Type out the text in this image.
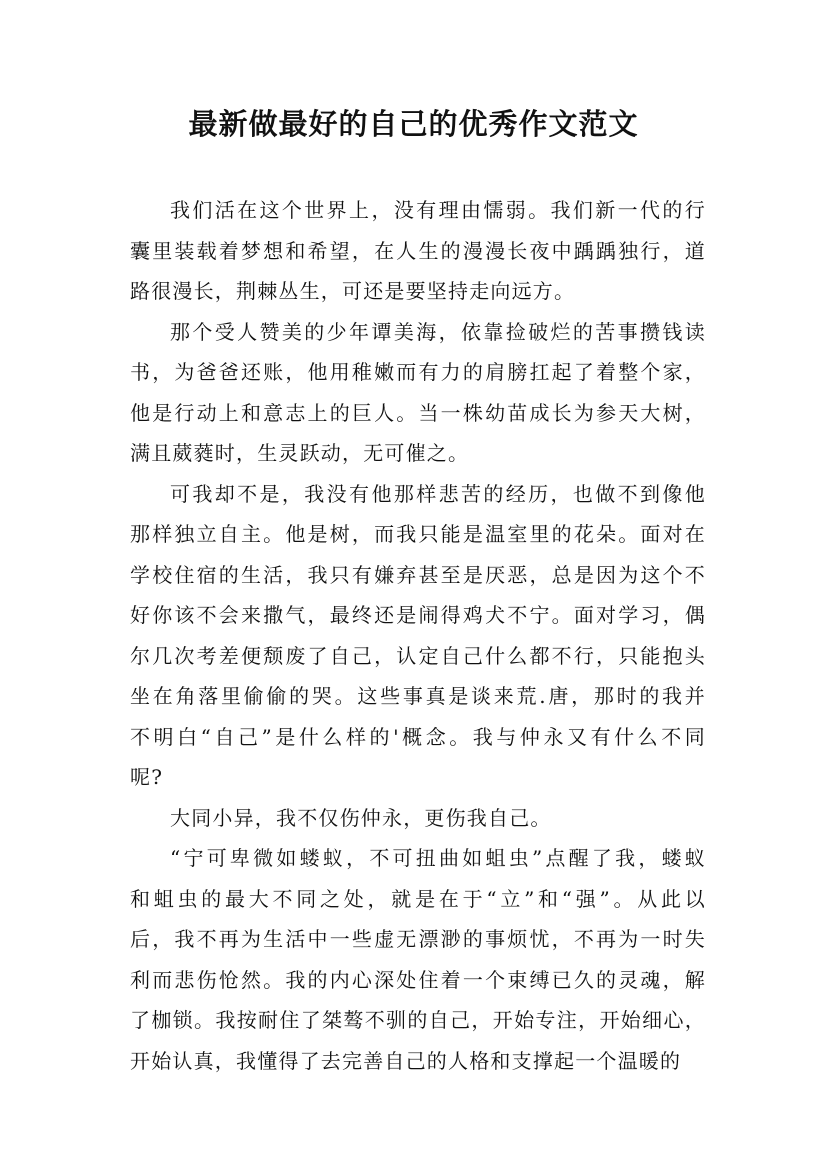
最新做最好的自己的优秀作文范文
我们活在这个世界上，没有理由懦弱。我们新一代的行
囊里装载着梦想和希望，在人生的漫漫长夜中踽踽独行，道
路很漫长，荆棘丛生，可还是要坚持走向远方。
那个受人赞美的少年谭美海，依靠捡破烂的苦事攒钱读
书，为爸爸还账，他用稚嫩而有力的肩膀扛起了着整个家，
他是行动上和意志上的巨人。当一株幼苗成长为参天大树，
满且葳蕤时，生灵跃动，无可催之。
可我却不是，我没有他那样悲苦的经历，也做不到像他
那样独立自主。他是树，而我只能是温室里的花朵。面对在
学校住宿的生活，我只有嫌弃甚至是厌恶，总是因为这个不
好你该不会来撒气，最终还是闹得鸡犬不宁。面对学习，偶
尔几次考差便颓废了自己，认定自己什么都不行，只能抱头
坐在角落里偷偷的哭。这些事真是谈来荒.唐，那时的我并
不明白“自己”是什么样的'概念。我与仲永又有什么不同
呢?
大同小异，我不仅伤仲永，更伤我自己。
“宁可卑微如蝼蚁，不可扭曲如蛆虫”点醒了我，蝼蚁
和蛆虫的最大不同之处，就是在于“立”和“强”。从此以
后，我不再为生活中一些虚无漂渺的事烦忧，不再为一时失
利而悲伤怆然。我的内心深处住着一个束缚已久的灵魂，解
了枷锁。我按耐住了桀骜不驯的自己，开始专注，开始细心，
开始认真，我懂得了去完善自己的人格和支撑起一个温暖的
